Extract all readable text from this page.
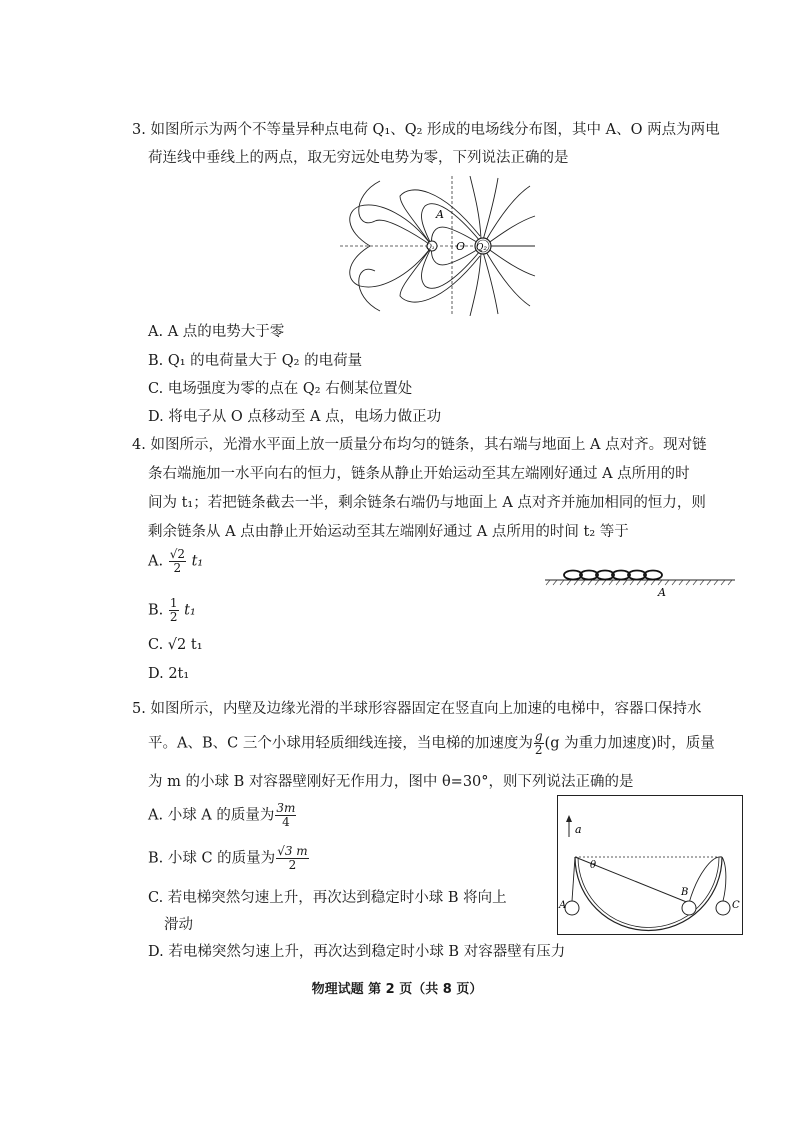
3. 如图所示为两个不等量异种点电荷 Q₁、Q₂ 形成的电场线分布图，其中 A、O 两点为两电
荷连线中垂线上的两点，取无穷远处电势为零，下列说法正确的是
A
O
Q₁	Q₂
A. A 点的电势大于零
B. Q₁ 的电荷量大于 Q₂ 的电荷量
C. 电场强度为零的点在 Q₂ 右侧某位置处
D. 将电子从 O 点移动至 A 点，电场力做正功
4. 如图所示，光滑水平面上放一质量分布均匀的链条，其右端与地面上 A 点对齐。现对链
条右端施加一水平向右的恒力，链条从静止开始运动至其左端刚好通过 A 点所用的时
间为 t₁；若把链条截去一半，剩余链条右端仍与地面上 A 点对齐并施加相同的恒力，则
剩余链条从 A 点由静止开始运动至其左端刚好通过 A 点所用的时间 t₂ 等于
A. $\frac{√2}{2} t_1$
B. $\frac{1}{2} t_1$
C. √2 t₁
D. 2t₁
A
5. 如图所示，内壁及边缘光滑的半球形容器固定在竖直向上加速的电梯中，容器口保持水
平。A、B、C 三个小球用轻质细线连接，当电梯的加速度为 $\frac{g}{2} (g$ 为重力加速度)时，质量
为 m 的小球 B 对容器壁刚好无作用力，图中 θ=30°，则下列说法正确的是
A. 小球 A 的质量为 $\frac{3m}{4}$
B. 小球 C 的质量为 $\frac{√3 m}{2}$
C. 若电梯突然匀速上升，再次达到稳定时小球 B 将向上
滑动
D. 若电梯突然匀速上升，再次达到稳定时小球 B 对容器壁有压力
a
θ
A
B
C
物理试题 第 2 页（共 8 页）
